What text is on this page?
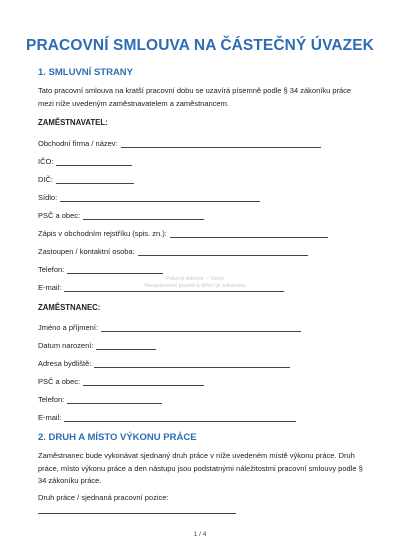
PRACOVNÍ SMLOUVA NA ČÁSTEČNÝ ÚVAZEK
1. SMLUVNÍ STRANY
Tato pracovní smlouva na kratší pracovní dobu se uzavírá písemně podle § 34 zákoníku práce mezi níže uvedeným zaměstnavatelem a zaměstnancem.
ZAMĚSTNAVATEL:
Obchodní firma / název:
IČO:
DIČ:
Sídlo:
PSČ a obec:
Zápis v obchodním rejstříku (spis. zn.):
Zastoupen / kontaktní osoba:
Telefon:
E-mail:
Právník Advisor – Vzory
Neoprávněné použití a šíření je zakázáno
ZAMĚSTNANEC:
Jméno a příjmení:
Datum narození:
Adresa bydliště:
PSČ a obec:
Telefon:
E-mail:
2. DRUH A MÍSTO VÝKONU PRÁCE
Zaměstnanec bude vykonávat sjednaný druh práce v níže uvedeném místě výkonu práce. Druh práce, místo výkonu práce a den nástupu jsou podstatnými náležitostmi pracovní smlouvy podle § 34 zákoníku práce.
Druh práce / sjednaná pracovní pozice:
1 / 4
